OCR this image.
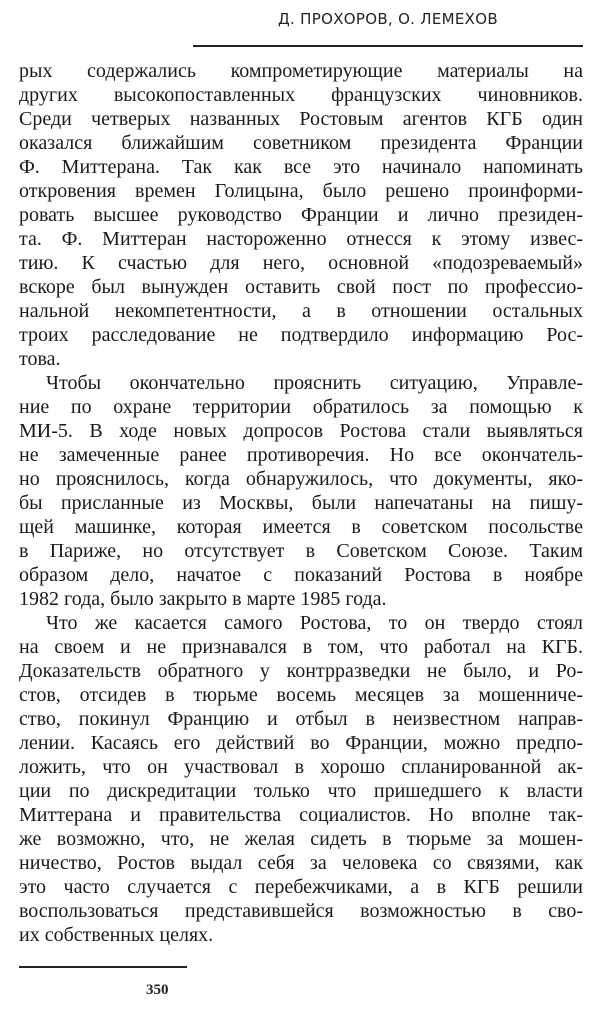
Д. ПРОХОРОВ, О. ЛЕМЕХОВ
рых содержались компрометирующие материалы на
других высокопоставленных французских чиновников.
Среди четверых названных Ростовым агентов КГБ один
оказался ближайшим советником президента Франции
Ф. Миттерана. Так как все это начинало напоминать
откровения времен Голицына, было решено проинформи-
ровать высшее руководство Франции и лично президен-
та. Ф. Миттеран настороженно отнесся к этому извес-
тию. К счастью для него, основной «подозреваемый»
вскоре был вынужден оставить свой пост по профессио-
нальной некомпетентности, а в отношении остальных
троих расследование не подтвердило информацию Рос-
това.
Чтобы окончательно прояснить ситуацию, Управле-
ние по охране территории обратилось за помощью к
МИ-5. В ходе новых допросов Ростова стали выявляться
не замеченные ранее противоречия. Но все окончатель-
но прояснилось, когда обнаружилось, что документы, яко-
бы присланные из Москвы, были напечатаны на пишу-
щей машинке, которая имеется в советском посольстве
в Париже, но отсутствует в Советском Союзе. Таким
образом дело, начатое с показаний Ростова в ноябре
1982 года, было закрыто в марте 1985 года.
Что же касается самого Ростова, то он твердо стоял
на своем и не признавался в том, что работал на КГБ.
Доказательств обратного у контрразведки не было, и Ро-
стов, отсидев в тюрьме восемь месяцев за мошенниче-
ство, покинул Францию и отбыл в неизвестном направ-
лении. Касаясь его действий во Франции, можно предпо-
ложить, что он участвовал в хорошо спланированной ак-
ции по дискредитации только что пришедшего к власти
Миттерана и правительства социалистов. Но вполне так-
же возможно, что, не желая сидеть в тюрьме за мошен-
ничество, Ростов выдал себя за человека со связями, как
это часто случается с перебежчиками, а в КГБ решили
воспользоваться представившейся возможностью в сво-
их собственных целях.
350
